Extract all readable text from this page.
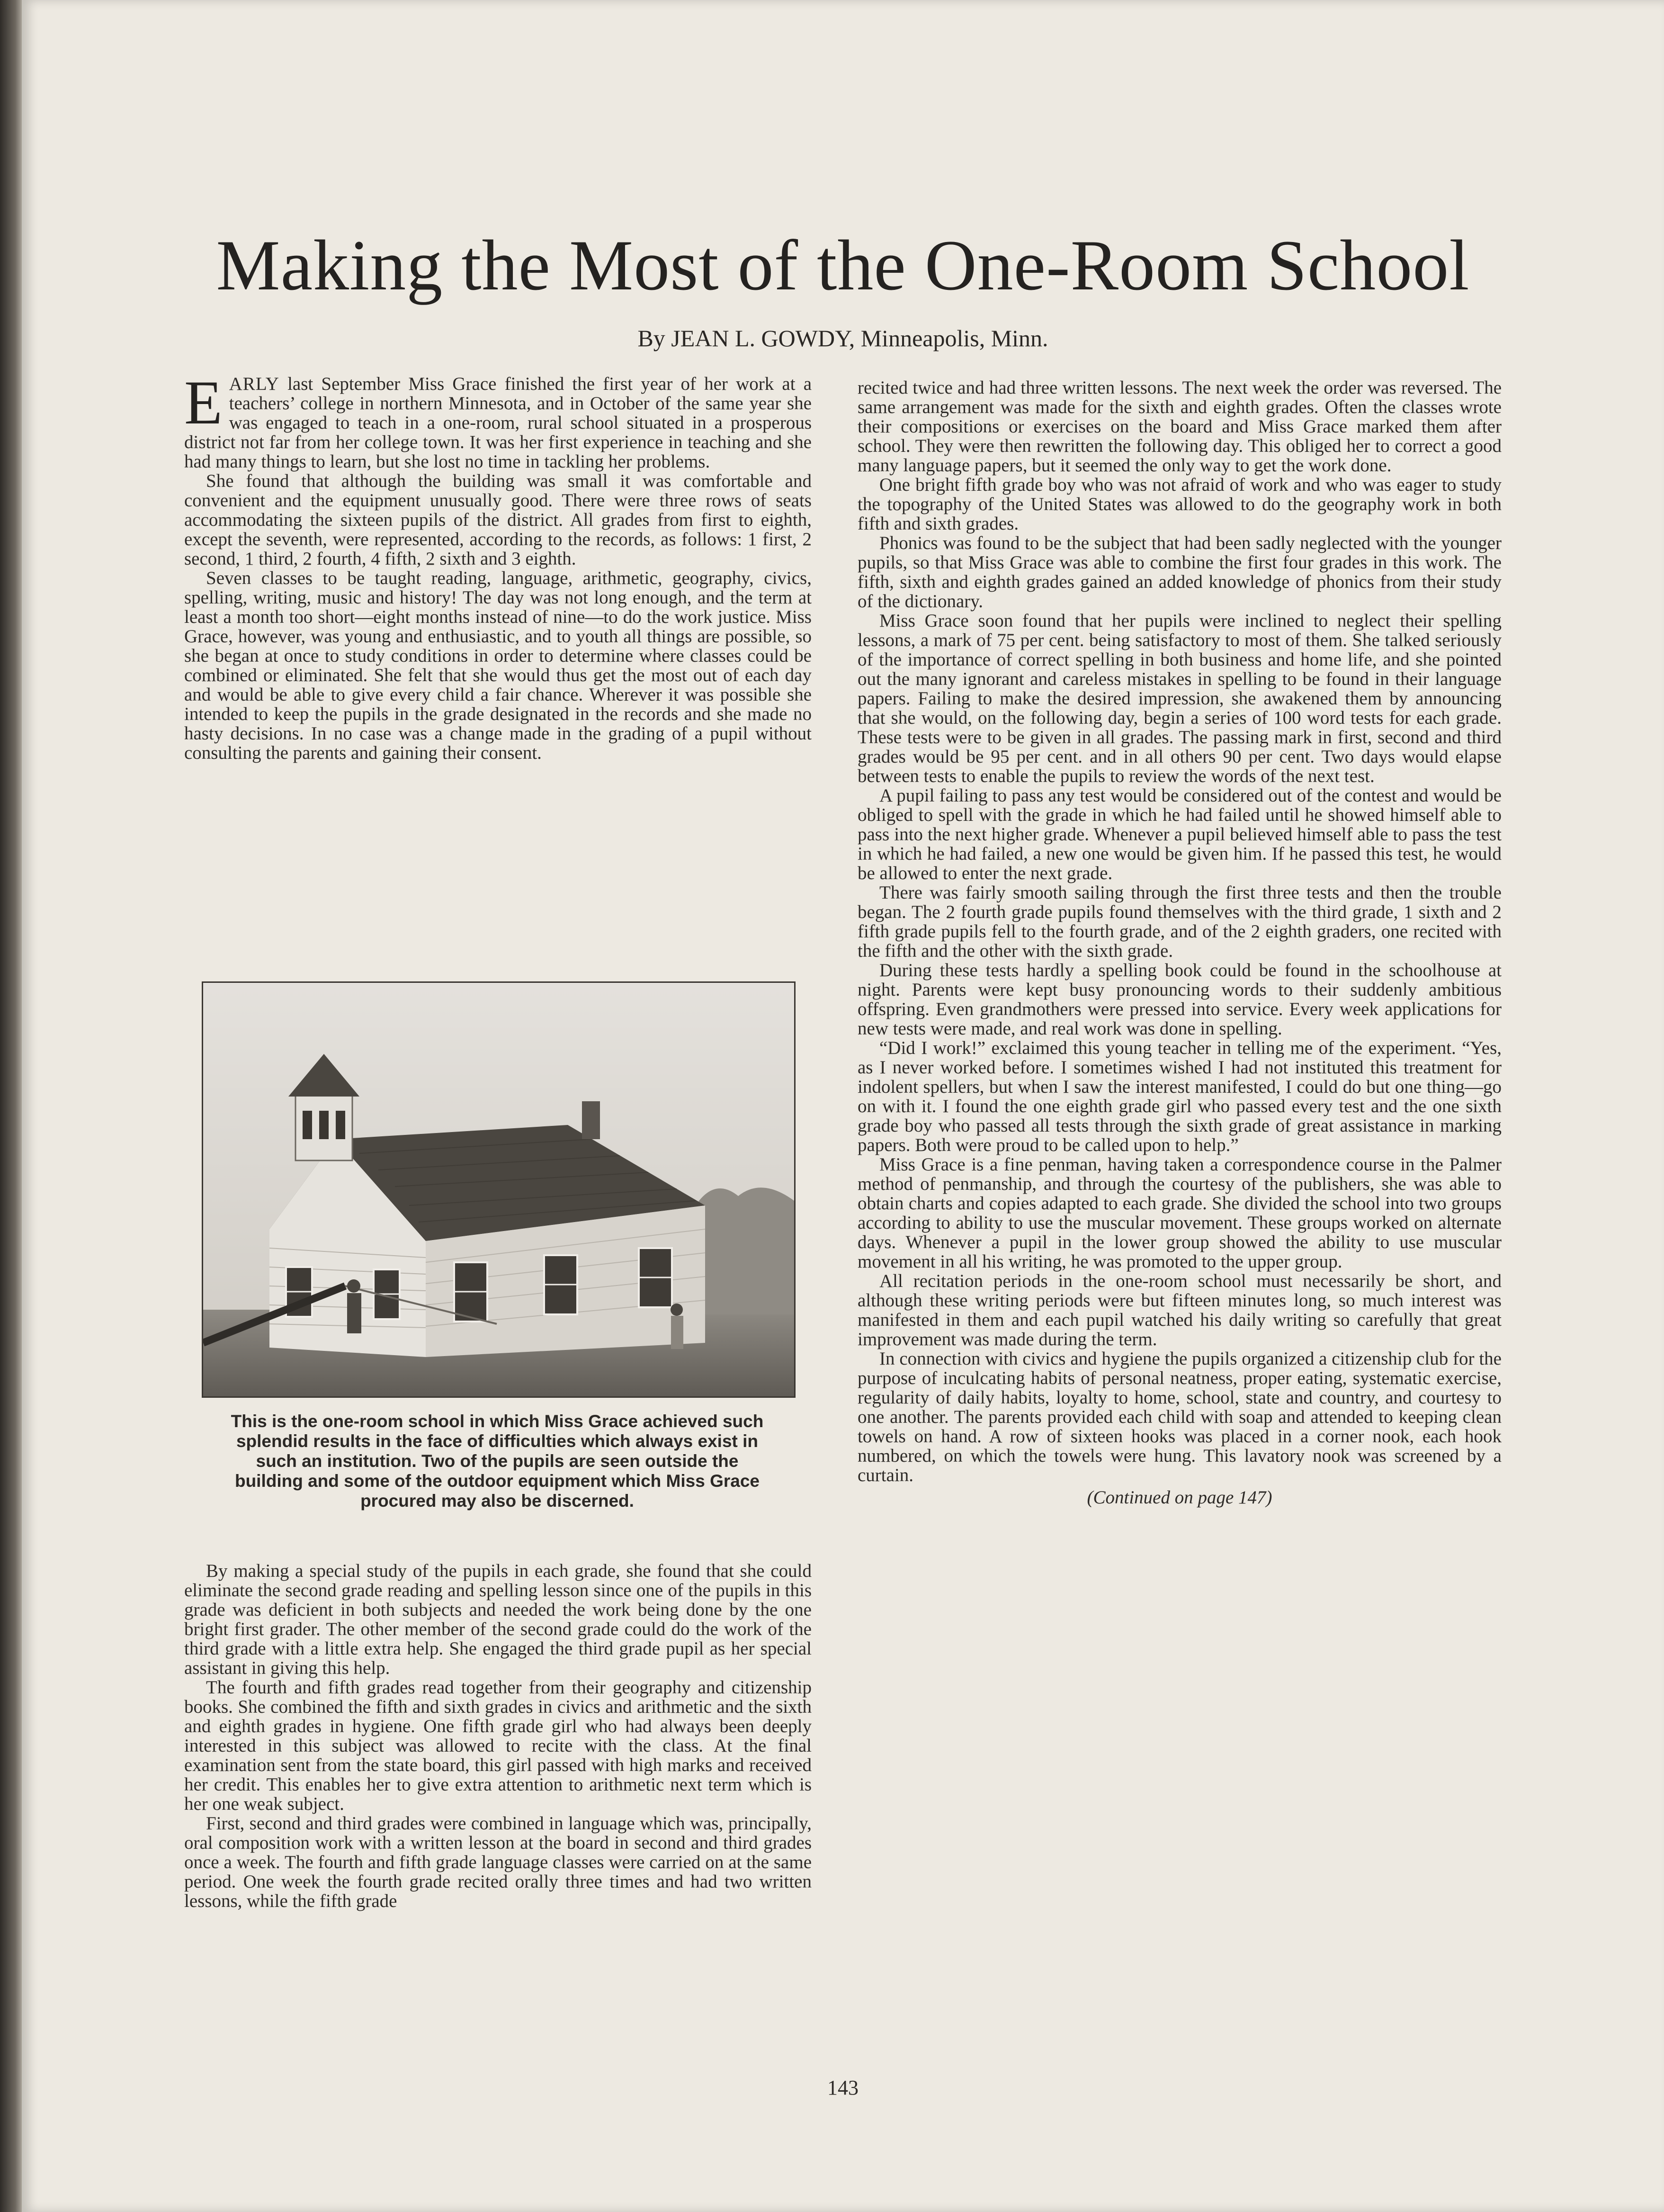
Making the Most of the One-Room School
By JEAN L. GOWDY, Minneapolis, Minn.

EARLY last September Miss Grace finished the first year of her work at a teachers’ college in northern Minnesota, and in October of the same year she was engaged to teach in a one-room, rural school situated in a prosperous district not far from her college town. It was her first experience in teaching and she had many things to learn, but she lost no time in tackling her problems.

She found that although the building was small it was comfortable and convenient and the equipment unusually good. There were three rows of seats accommodating the sixteen pupils of the district. All grades from first to eighth, except the seventh, were represented, according to the records, as follows: 1 first, 2 second, 1 third, 2 fourth, 4 fifth, 2 sixth and 3 eighth.

Seven classes to be taught reading, language, arithmetic, geography, civics, spelling, writing, music and history! The day was not long enough, and the term at least a month too short—eight months instead of nine—to do the work justice. Miss Grace, however, was young and enthusiastic, and to youth all things are possible, so she began at once to study conditions in order to determine where classes could be combined or eliminated. She felt that she would thus get the most out of each day and would be able to give every child a fair chance. Wherever it was possible she intended to keep the pupils in the grade designated in the records and she made no hasty decisions. In no case was a change made in the grading of a pupil without consulting the parents and gaining their consent.

This is the one-room school in which Miss Grace achieved such splendid results in the face of difficulties which always exist in such an institution. Two of the pupils are seen outside the building and some of the outdoor equipment which Miss Grace procured may also be discerned.

By making a special study of the pupils in each grade, she found that she could eliminate the second grade reading and spelling lesson since one of the pupils in this grade was deficient in both subjects and needed the work being done by the one bright first grader. The other member of the second grade could do the work of the third grade with a little extra help. She engaged the third grade pupil as her special assistant in giving this help.

The fourth and fifth grades read together from their geography and citizenship books. She combined the fifth and sixth grades in civics and arithmetic and the sixth and eighth grades in hygiene. One fifth grade girl who had always been deeply interested in this subject was allowed to recite with the class. At the final examination sent from the state board, this girl passed with high marks and received her credit. This enables her to give extra attention to arithmetic next term which is her one weak subject.

First, second and third grades were combined in language which was, principally, oral composition work with a written lesson at the board in second and third grades once a week. The fourth and fifth grade language classes were carried on at the same period. One week the fourth grade recited orally three times and had two written lessons, while the fifth grade

recited twice and had three written lessons. The next week the order was reversed. The same arrangement was made for the sixth and eighth grades. Often the classes wrote their compositions or exercises on the board and Miss Grace marked them after school. They were then rewritten the following day. This obliged her to correct a good many language papers, but it seemed the only way to get the work done.

One bright fifth grade boy who was not afraid of work and who was eager to study the topography of the United States was allowed to do the geography work in both fifth and sixth grades.

Phonics was found to be the subject that had been sadly neglected with the younger pupils, so that Miss Grace was able to combine the first four grades in this work. The fifth, sixth and eighth grades gained an added knowledge of phonics from their study of the dictionary.

Miss Grace soon found that her pupils were inclined to neglect their spelling lessons, a mark of 75 per cent. being satisfactory to most of them. She talked seriously of the importance of correct spelling in both business and home life, and she pointed out the many ignorant and careless mistakes in spelling to be found in their language papers. Failing to make the desired impression, she awakened them by announcing that she would, on the following day, begin a series of 100 word tests for each grade. These tests were to be given in all grades. The passing mark in first, second and third grades would be 95 per cent. and in all others 90 per cent. Two days would elapse between tests to enable the pupils to review the words of the next test.

A pupil failing to pass any test would be considered out of the contest and would be obliged to spell with the grade in which he had failed until he showed himself able to pass into the next higher grade. Whenever a pupil believed himself able to pass the test in which he had failed, a new one would be given him. If he passed this test, he would be allowed to enter the next grade.

There was fairly smooth sailing through the first three tests and then the trouble began. The 2 fourth grade pupils found themselves with the third grade, 1 sixth and 2 fifth grade pupils fell to the fourth grade, and of the 2 eighth graders, one recited with the fifth and the other with the sixth grade.

During these tests hardly a spelling book could be found in the schoolhouse at night. Parents were kept busy pronouncing words to their suddenly ambitious offspring. Even grandmothers were pressed into service. Every week applications for new tests were made, and real work was done in spelling.

“Did I work!” exclaimed this young teacher in telling me of the experiment. “Yes, as I never worked before. I sometimes wished I had not instituted this treatment for indolent spellers, but when I saw the interest manifested, I could do but one thing—go on with it. I found the one eighth grade girl who passed every test and the one sixth grade boy who passed all tests through the sixth grade of great assistance in marking papers. Both were proud to be called upon to help.”

Miss Grace is a fine penman, having taken a correspondence course in the Palmer method of penmanship, and through the courtesy of the publishers, she was able to obtain charts and copies adapted to each grade. She divided the school into two groups according to ability to use the muscular movement. These groups worked on alternate days. Whenever a pupil in the lower group showed the ability to use muscular movement in all his writing, he was promoted to the upper group.

All recitation periods in the one-room school must necessarily be short, and although these writing periods were but fifteen minutes long, so much interest was manifested in them and each pupil watched his daily writing so carefully that great improvement was made during the term.

In connection with civics and hygiene the pupils organized a citizenship club for the purpose of inculcating habits of personal neatness, proper eating, systematic exercise, regularity of daily habits, loyalty to home, school, state and country, and courtesy to one another. The parents provided each child with soap and attended to keeping clean towels on hand. A row of sixteen hooks was placed in a corner nook, each hook numbered, on which the towels were hung. This lavatory nook was screened by a curtain.

(Continued on page 147)

143
